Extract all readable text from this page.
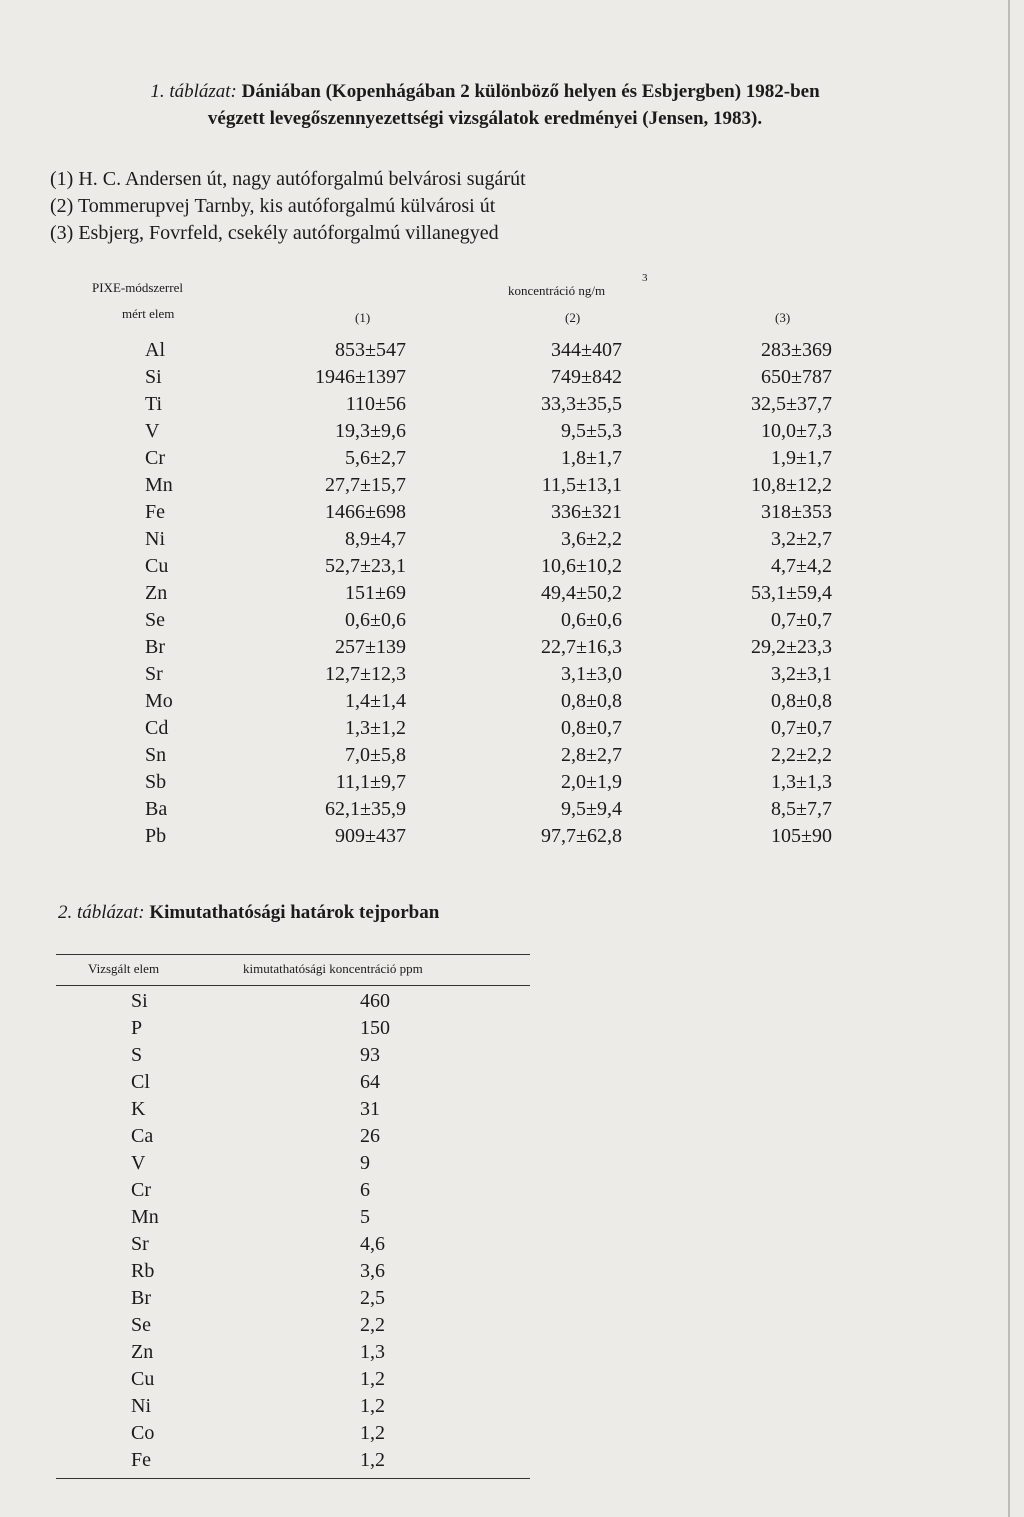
1. táblázat: Dániában (Kopenhágában 2 különböző helyen és Esbjergben) 1982-ben
végzett levegőszennyezettségi vizsgálatok eredményei (Jensen, 1983).
(1) H. C. Andersen út, nagy autóforgalmú belvárosi sugárút
(2) Tommerupvej Tarnby, kis autóforgalmú külvárosi út
(3) Esbjerg, Fovrfeld, csekély autóforgalmú villanegyed
PIXE-módszerrel
mért elem
koncentráció ng/m
3
(1)	(2)	(3)
Al	853±547	344±407	283±369
Si	1946±1397	749±842	650±787
Ti	110±56	33,3±35,5	32,5±37,7
V	19,3±9,6	9,5±5,3	10,0±7,3
Cr	5,6±2,7	1,8±1,7	1,9±1,7
Mn	27,7±15,7	11,5±13,1	10,8±12,2
Fe	1466±698	336±321	318±353
Ni	8,9±4,7	3,6±2,2	3,2±2,7
Cu	52,7±23,1	10,6±10,2	4,7±4,2
Zn	151±69	49,4±50,2	53,1±59,4
Se	0,6±0,6	0,6±0,6	0,7±0,7
Br	257±139	22,7±16,3	29,2±23,3
Sr	12,7±12,3	3,1±3,0	3,2±3,1
Mo	1,4±1,4	0,8±0,8	0,8±0,8
Cd	1,3±1,2	0,8±0,7	0,7±0,7
Sn	7,0±5,8	2,8±2,7	2,2±2,2
Sb	11,1±9,7	2,0±1,9	1,3±1,3
Ba	62,1±35,9	9,5±9,4	8,5±7,7
Pb	909±437	97,7±62,8	105±90
2. táblázat: Kimutathatósági határok tejporban
Vizsgált elem	kimutathatósági koncentráció ppm
Si	460
P	150
S	93
Cl	64
K	31
Ca	26
V	9
Cr	6
Mn	5
Sr	4,6
Rb	3,6
Br	2,5
Se	2,2
Zn	1,3
Cu	1,2
Ni	1,2
Co	1,2
Fe	1,2
